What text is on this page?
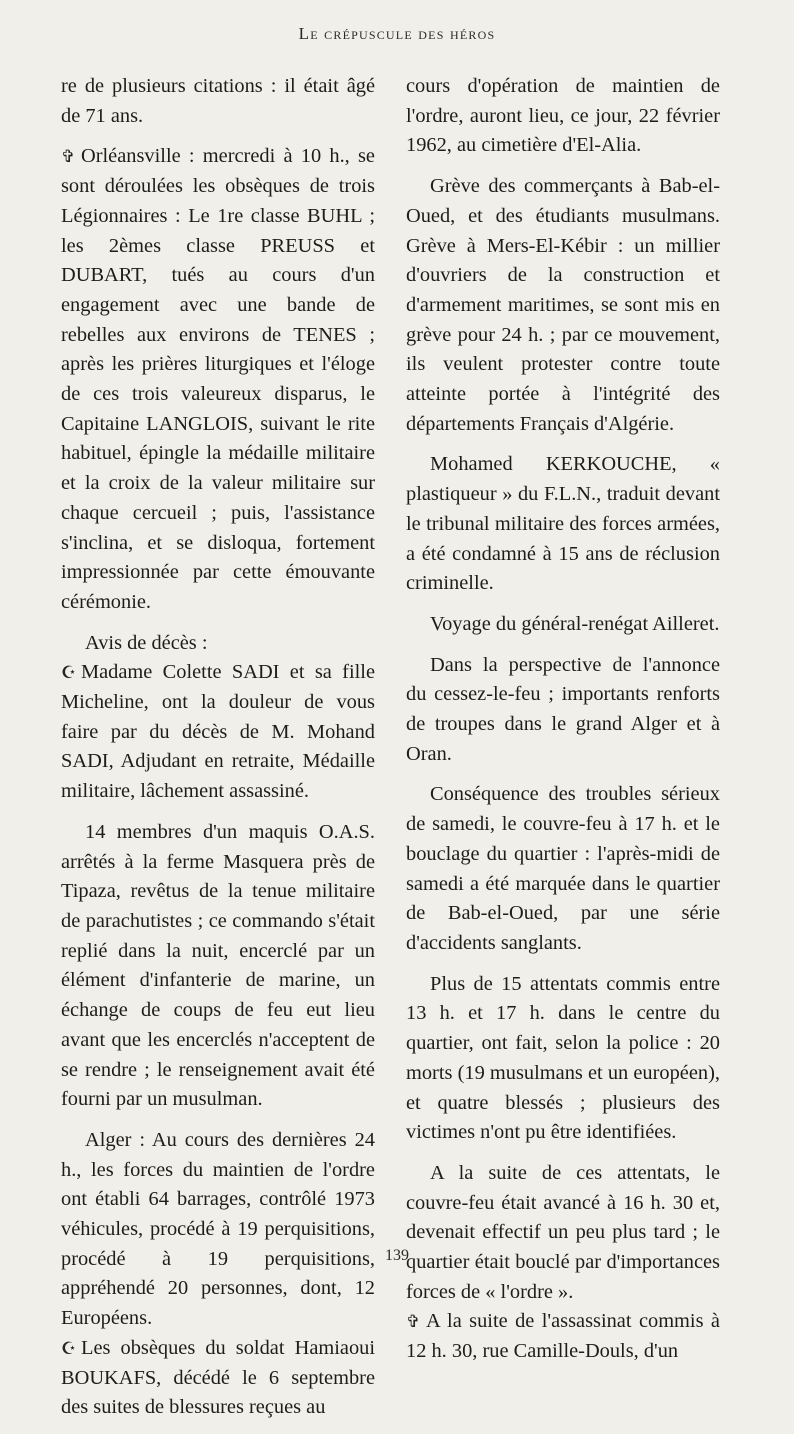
Le crépuscule des héros

re de plusieurs citations : il était âgé de 71 ans.

✞ Orléansville : mercredi à 10 h., se sont déroulées les obsèques de trois Légionnaires : Le 1re classe BUHL ; les 2èmes classe PREUSS et DUBART, tués au cours d'un engagement avec une bande de rebelles aux environs de TENES ; après les prières liturgiques et l'éloge de ces trois valeureux disparus, le Capitaine LANGLOIS, suivant le rite habituel, épingle la médaille militaire et la croix de la valeur militaire sur chaque cercueil ; puis, l'assistance s'inclina, et se disloqua, fortement impressionnée par cette émouvante cérémonie.

Avis de décès :

☪ Madame Colette SADI et sa fille Micheline, ont la douleur de vous faire par du décès de M. Mohand SADI, Adjudant en retraite, Médaille militaire, lâchement assassiné.

14 membres d'un maquis O.A.S. arrêtés à la ferme Masquera près de Tipaza, revêtus de la tenue militaire de parachutistes ; ce commando s'était replié dans la nuit, encerclé par un élément d'infanterie de marine, un échange de coups de feu eut lieu avant que les encerclés n'acceptent de se rendre ; le renseignement avait été fourni par un musulman.

Alger : Au cours des dernières 24 h., les forces du maintien de l'ordre ont établi 64 barrages, contrôlé 1973 véhicules, procédé à 19 perquisitions, procédé à 19 perquisitions, appréhendé 20 personnes, dont, 12 Européens.

☪ Les obsèques du soldat Hamiaoui BOUKAFS, décédé le 6 septembre des suites de blessures reçues au

cours d'opération de maintien de l'ordre, auront lieu, ce jour, 22 février 1962, au cimetière d'El-Alia.

Grève des commerçants à Bab-el-Oued, et des étudiants musulmans. Grève à Mers-El-Kébir : un millier d'ouvriers de la construction et d'armement maritimes, se sont mis en grève pour 24 h. ; par ce mouvement, ils veulent protester contre toute atteinte portée à l'intégrité des départements Français d'Algérie.

Mohamed KERKOUCHE, « plastiqueur » du F.L.N., traduit devant le tribunal militaire des forces armées, a été condamné à 15 ans de réclusion criminelle.

Voyage du général-renégat Ailleret.

Dans la perspective de l'annonce du cessez-le-feu ; importants renforts de troupes dans le grand Alger et à Oran.

Conséquence des troubles sérieux de samedi, le couvre-feu à 17 h. et le bouclage du quartier : l'après-midi de samedi a été marquée dans le quartier de Bab-el-Oued, par une série d'accidents sanglants.

Plus de 15 attentats commis entre 13 h. et 17 h. dans le centre du quartier, ont fait, selon la police : 20 morts (19 musulmans et un européen), et quatre blessés ; plusieurs des victimes n'ont pu être identifiées.

A la suite de ces attentats, le couvre-feu était avancé à 16 h. 30 et, devenait effectif un peu plus tard ; le quartier était bouclé par d'importances forces de « l'ordre ».

✞ A la suite de l'assassinat commis à 12 h. 30, rue Camille-Douls, d'un

139
